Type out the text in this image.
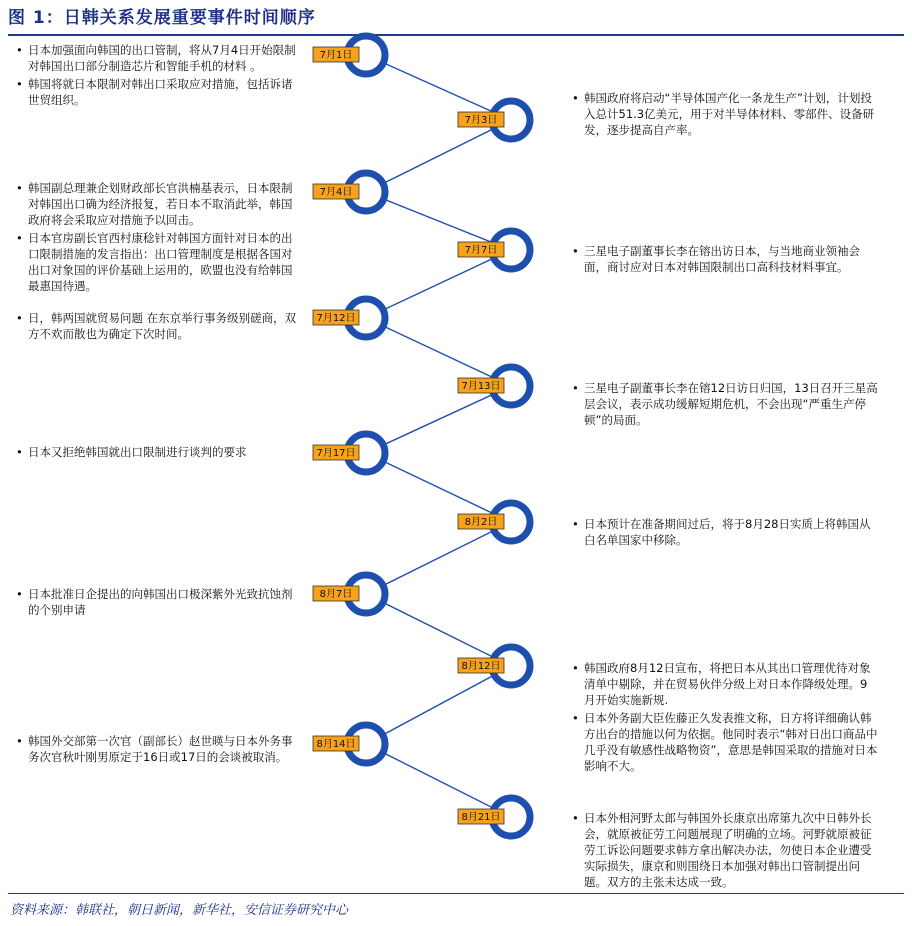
图 1：日韩关系发展重要事件时间顺序
7月1日
7月3日
7月4日
7月7日
7月12日
7月13日
7月17日
8月2日
8月7日
8月12日
8月14日
8月21日
• 日本加强面向韩国的出口管制，将从7月4日开始限制对韩国出口部分制造芯片和智能手机的材料 。
• 韩国将就日本限制对韩出口采取应对措施，包括诉诸世贸组织。
•	韩国政府将启动“半导体国产化一条龙生产”计划，计划投入总计51.3亿美元，用于对半导体材料、零部件、设备研发，逐步提高自产率。
• 韩国副总理兼企划财政部长官洪楠基表示，日本限制对韩国出口确为经济报复，若日本不取消此举，韩国政府将会采取应对措施予以回击。
• 日本官房副长官西村康稔针对韩国方面针对日本的出口限制措施的发言指出：出口管理制度是根据各国对出口对象国的评价基础上运用的，欧盟也没有给韩国最惠国待遇。
• 三星电子副董事长李在镕出访日本，与当地商业领袖会面，商讨应对日本对韩国限制出口高科技材料事宜。
• 日，韩两国就贸易问题 在东京举行事务级别磋商，双方不欢而散也为确定下次时间。
• 三星电子副董事长李在镕12日访日归国，13日召开三星高层会议，表示成功缓解短期危机，不会出现“严重生产停顿”的局面。
• 日本又拒绝韩国就出口限制进行谈判的要求
• 日本预计在准备期间过后，将于8月28日实质上将韩国从白名单国家中移除。
• 日本批准日企提出的向韩国出口极深紫外光致抗蚀剂的个别申请
• 韩国政府8月12日宣布，将把日本从其出口管理优待对象清单中剔除，并在贸易伙伴分级上对日本作降级处理。9月开始实施新规.
• 日本外务副大臣佐藤正久发表推文称，日方将详细确认韩方出台的措施以何为依据。他同时表示“韩对日出口商品中几乎没有敏感性战略物资”，意思是韩国采取的措施对日本影响不大。
• 韩国外交部第一次官（副部长）赵世暎与日本外务事务次官秋叶刚男原定于16日或17日的会谈被取消。
• 日本外相河野太郎与韩国外长康京出席第九次中日韩外长会，就原被征劳工问题展现了明确的立场。河野就原被征劳工诉讼问题要求韩方拿出解决办法，勿使日本企业遭受实际损失，康京和则围绕日本加强对韩出口管制提出问题。双方的主张未达成一致。
资料来源：韩联社，朝日新闻，新华社，安信证券研究中心
